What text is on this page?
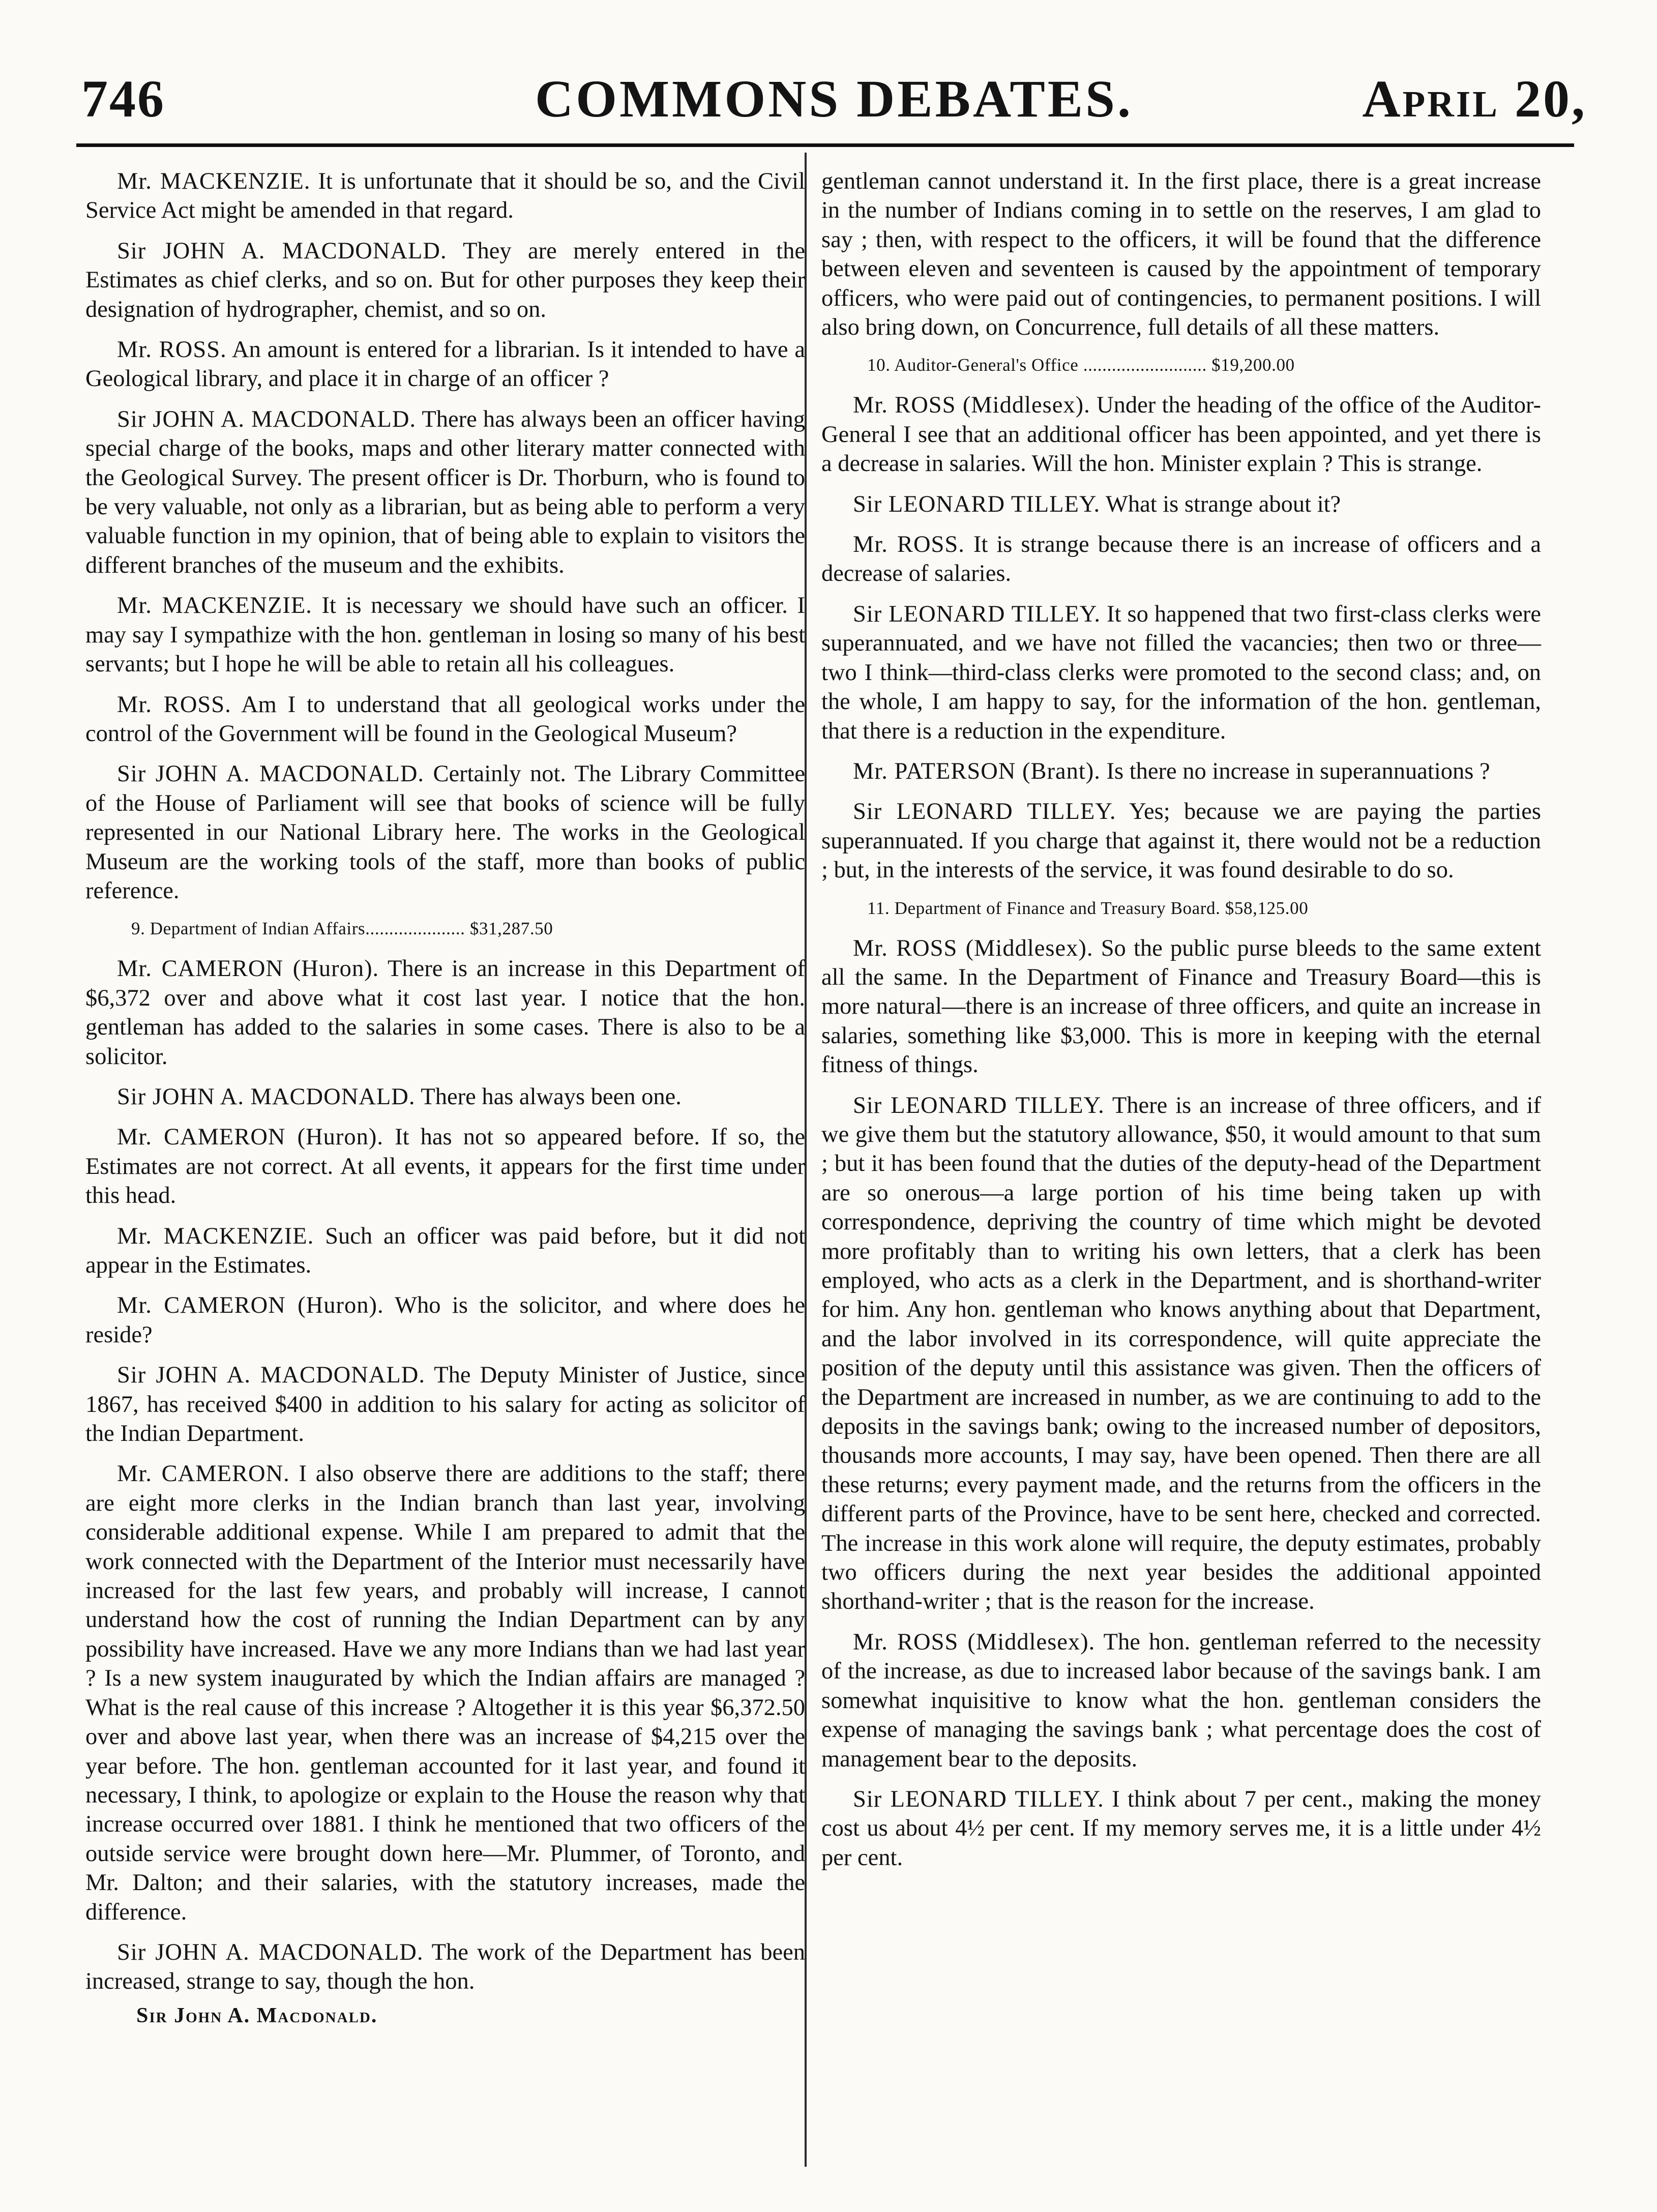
746	COMMONS DEBATES.	April 20,

Mr. MACKENZIE. It is unfortunate that it should be so, and the Civil Service Act might be amended in that regard.

Sir JOHN A. MACDONALD. They are merely entered in the Estimates as chief clerks, and so on. But for other purposes they keep their designation of hydrographer, chemist, and so on.

Mr. ROSS. An amount is entered for a librarian. Is it intended to have a Geological library, and place it in charge of an officer ?

Sir JOHN A. MACDONALD. There has always been an officer having special charge of the books, maps and other literary matter connected with the Geological Survey. The present officer is Dr. Thorburn, who is found to be very valuable, not only as a librarian, but as being able to perform a very valuable function in my opinion, that of being able to explain to visitors the different branches of the museum and the exhibits.

Mr. MACKENZIE. It is necessary we should have such an officer. I may say I sympathize with the hon. gentleman in losing so many of his best servants; but I hope he will be able to retain all his colleagues.

Mr. ROSS. Am I to understand that all geological works under the control of the Government will be found in the Geological Museum?

Sir JOHN A. MACDONALD. Certainly not. The Library Committee of the House of Parliament will see that books of science will be fully represented in our National Library here. The works in the Geological Museum are the working tools of the staff, more than books of public reference.

9. Department of Indian Affairs..................... $31,287.50

Mr. CAMERON (Huron). There is an increase in this Department of $6,372 over and above what it cost last year. I notice that the hon. gentleman has added to the salaries in some cases. There is also to be a solicitor.

Sir JOHN A. MACDONALD. There has always been one.

Mr. CAMERON (Huron). It has not so appeared before. If so, the Estimates are not correct. At all events, it appears for the first time under this head.

Mr. MACKENZIE. Such an officer was paid before, but it did not appear in the Estimates.

Mr. CAMERON (Huron). Who is the solicitor, and where does he reside?

Sir JOHN A. MACDONALD. The Deputy Minister of Justice, since 1867, has received $400 in addition to his salary for acting as solicitor of the Indian Department.

Mr. CAMERON. I also observe there are additions to the staff; there are eight more clerks in the Indian branch than last year, involving considerable additional expense. While I am prepared to admit that the work connected with the Department of the Interior must necessarily have increased for the last few years, and probably will increase, I cannot understand how the cost of running the Indian Department can by any possibility have increased. Have we any more Indians than we had last year ? Is a new system inaugurated by which the Indian affairs are managed ? What is the real cause of this increase ? Altogether it is this year $6,372.50 over and above last year, when there was an increase of $4,215 over the year before. The hon. gentleman accounted for it last year, and found it necessary, I think, to apologize or explain to the House the reason why that increase occurred over 1881. I think he mentioned that two officers of the outside service were brought down here—Mr. Plummer, of Toronto, and Mr. Dalton; and their salaries, with the statutory increases, made the difference.

Sir JOHN A. MACDONALD. The work of the Department has been increased, strange to say, though the hon.

Sir John A. Macdonald.

gentleman cannot understand it. In the first place, there is a great increase in the number of Indians coming in to settle on the reserves, I am glad to say ; then, with respect to the officers, it will be found that the difference between eleven and seventeen is caused by the appointment of temporary officers, who were paid out of contingencies, to permanent positions. I will also bring down, on Concurrence, full details of all these matters.

10. Auditor-General's Office .......................... $19,200.00

Mr. ROSS (Middlesex). Under the heading of the office of the Auditor-General I see that an additional officer has been appointed, and yet there is a decrease in salaries. Will the hon. Minister explain ? This is strange.

Sir LEONARD TILLEY. What is strange about it?

Mr. ROSS. It is strange because there is an increase of officers and a decrease of salaries.

Sir LEONARD TILLEY. It so happened that two first-class clerks were superannuated, and we have not filled the vacancies; then two or three—two I think—third-class clerks were promoted to the second class; and, on the whole, I am happy to say, for the information of the hon. gentleman, that there is a reduction in the expenditure.

Mr. PATERSON (Brant). Is there no increase in superannuations ?

Sir LEONARD TILLEY. Yes; because we are paying the parties superannuated. If you charge that against it, there would not be a reduction ; but, in the interests of the service, it was found desirable to do so.

11. Department of Finance and Treasury Board. $58,125.00

Mr. ROSS (Middlesex). So the public purse bleeds to the same extent all the same. In the Department of Finance and Treasury Board—this is more natural—there is an increase of three officers, and quite an increase in salaries, something like $3,000. This is more in keeping with the eternal fitness of things.

Sir LEONARD TILLEY. There is an increase of three officers, and if we give them but the statutory allowance, $50, it would amount to that sum ; but it has been found that the duties of the deputy-head of the Department are so onerous—a large portion of his time being taken up with correspondence, depriving the country of time which might be devoted more profitably than to writing his own letters, that a clerk has been employed, who acts as a clerk in the Department, and is shorthand-writer for him. Any hon. gentleman who knows anything about that Department, and the labor involved in its correspondence, will quite appreciate the position of the deputy until this assistance was given. Then the officers of the Department are increased in number, as we are continuing to add to the deposits in the savings bank; owing to the increased number of depositors, thousands more accounts, I may say, have been opened. Then there are all these returns; every payment made, and the returns from the officers in the different parts of the Province, have to be sent here, checked and corrected. The increase in this work alone will require, the deputy estimates, probably two officers during the next year besides the additional appointed shorthand-writer ; that is the reason for the increase.

Mr. ROSS (Middlesex). The hon. gentleman referred to the necessity of the increase, as due to increased labor because of the savings bank. I am somewhat inquisitive to know what the hon. gentleman considers the expense of managing the savings bank ; what percentage does the cost of management bear to the deposits.

Sir LEONARD TILLEY. I think about 7 per cent., making the money cost us about 4½ per cent. If my memory serves me, it is a little under 4½ per cent.
